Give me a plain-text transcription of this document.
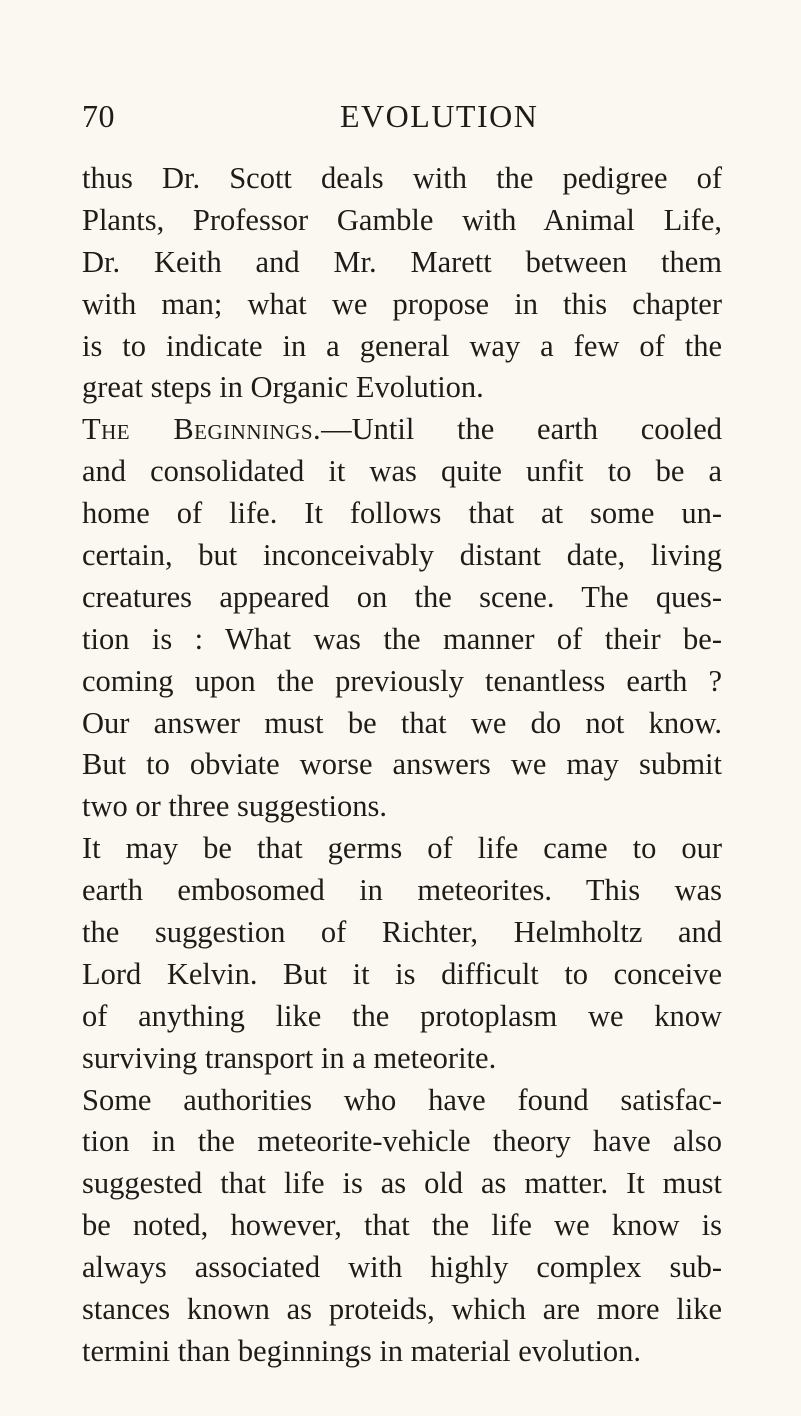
70	EVOLUTION
thus Dr. Scott deals with the pedigree of
Plants, Professor Gamble with Animal Life,
Dr. Keith and Mr. Marett between them
with man; what we propose in this chapter
is to indicate in a general way a few of the
great steps in Organic Evolution.
The Beginnings.—Until the earth cooled
and consolidated it was quite unfit to be a
home of life. It follows that at some un-
certain, but inconceivably distant date, living
creatures appeared on the scene. The ques-
tion is : What was the manner of their be-
coming upon the previously tenantless earth ?
Our answer must be that we do not know.
But to obviate worse answers we may submit
two or three suggestions.
It may be that germs of life came to our
earth embosomed in meteorites. This was
the suggestion of Richter, Helmholtz and
Lord Kelvin. But it is difficult to conceive
of anything like the protoplasm we know
surviving transport in a meteorite.
Some authorities who have found satisfac-
tion in the meteorite-vehicle theory have also
suggested that life is as old as matter. It must
be noted, however, that the life we know is
always associated with highly complex sub-
stances known as proteids, which are more like
termini than beginnings in material evolution.
